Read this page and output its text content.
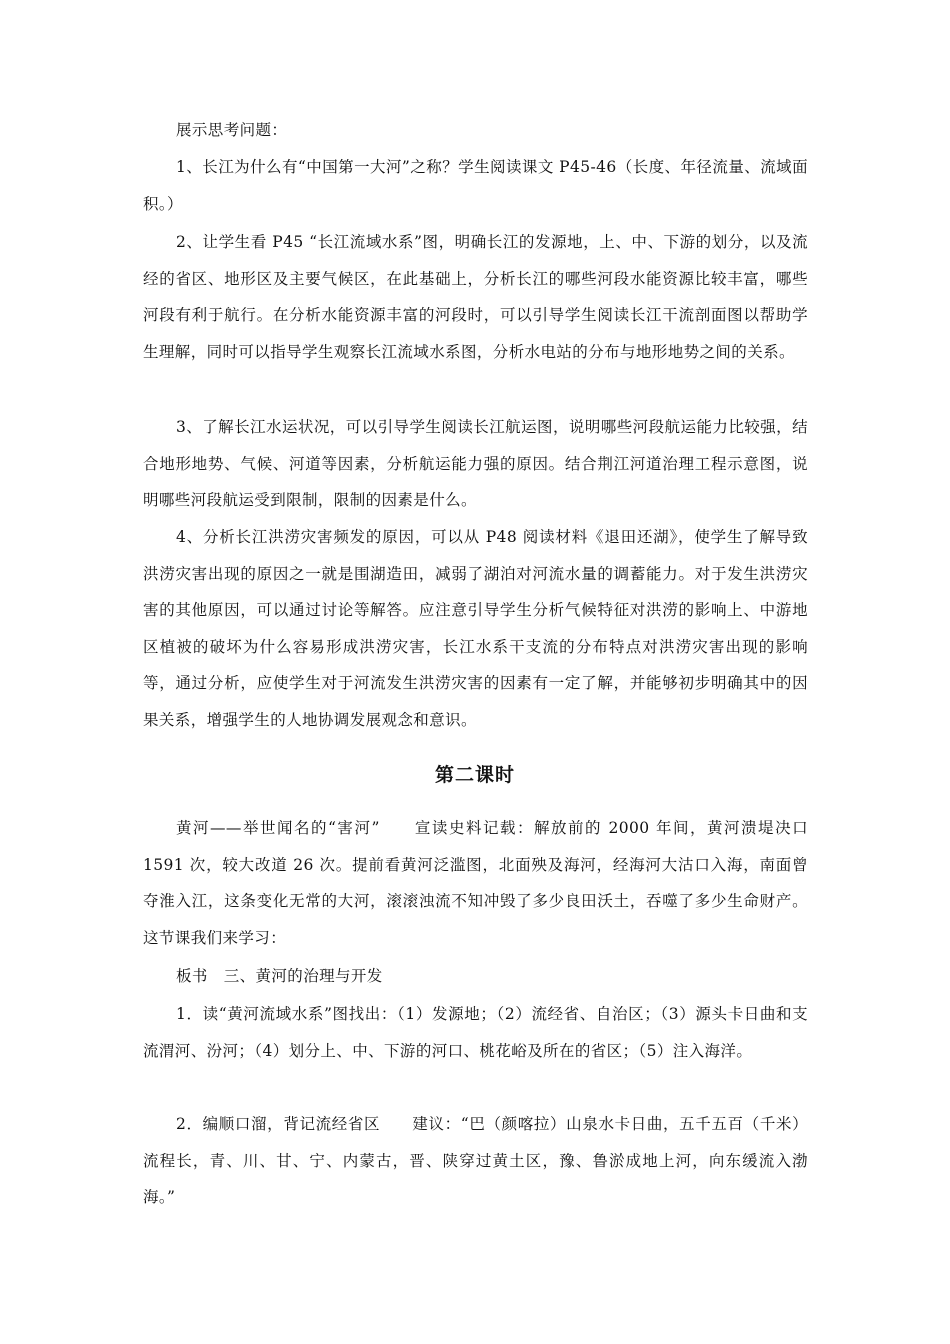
展示思考问题：

1、长江为什么有“中国第一大河”之称？学生阅读课文 P45-46（长度、年径流量、流域面积。）

2、让学生看 P45 “长江流域水系”图，明确长江的发源地，上、中、下游的划分，以及流经的省区、地形区及主要气候区，在此基础上，分析长江的哪些河段水能资源比较丰富，哪些河段有利于航行。在分析水能资源丰富的河段时，可以引导学生阅读长江干流剖面图以帮助学生理解，同时可以指导学生观察长江流域水系图，分析水电站的分布与地形地势之间的关系。

3、了解长江水运状况，可以引导学生阅读长江航运图，说明哪些河段航运能力比较强，结合地形地势、气候、河道等因素，分析航运能力强的原因。结合荆江河道治理工程示意图，说明哪些河段航运受到限制，限制的因素是什么。

4、分析长江洪涝灾害频发的原因，可以从 P48 阅读材料《退田还湖》，使学生了解导致洪涝灾害出现的原因之一就是围湖造田，减弱了湖泊对河流水量的调蓄能力。对于发生洪涝灾害的其他原因，可以通过讨论等解答。应注意引导学生分析气候特征对洪涝的影响上、中游地区植被的破坏为什么容易形成洪涝灾害，长江水系干支流的分布特点对洪涝灾害出现的影响等，通过分析，应使学生对于河流发生洪涝灾害的因素有一定了解，并能够初步明确其中的因果关系，增强学生的人地协调发展观念和意识。

第二课时

黄河——举世闻名的“害河”　　宣读史料记载：解放前的 2000 年间，黄河溃堤决口 1591 次，较大改道 26 次。提前看黄河泛滥图，北面殃及海河，经海河大沽口入海，南面曾夺淮入江，这条变化无常的大河，滚滚浊流不知冲毁了多少良田沃土，吞噬了多少生命财产。这节课我们来学习：

板书　三、黄河的治理与开发

1．读“黄河流域水系”图找出：（1）发源地；（2）流经省、自治区；（3）源头卡日曲和支流渭河、汾河；（4）划分上、中、下游的河口、桃花峪及所在的省区；（5）注入海洋。

2．编顺口溜，背记流经省区　　建议：“巴（颜喀拉）山泉水卡日曲，五千五百（千米）流程长，青、川、甘、宁、内蒙古，晋、陕穿过黄土区，豫、鲁淤成地上河，向东缓流入渤海。”
